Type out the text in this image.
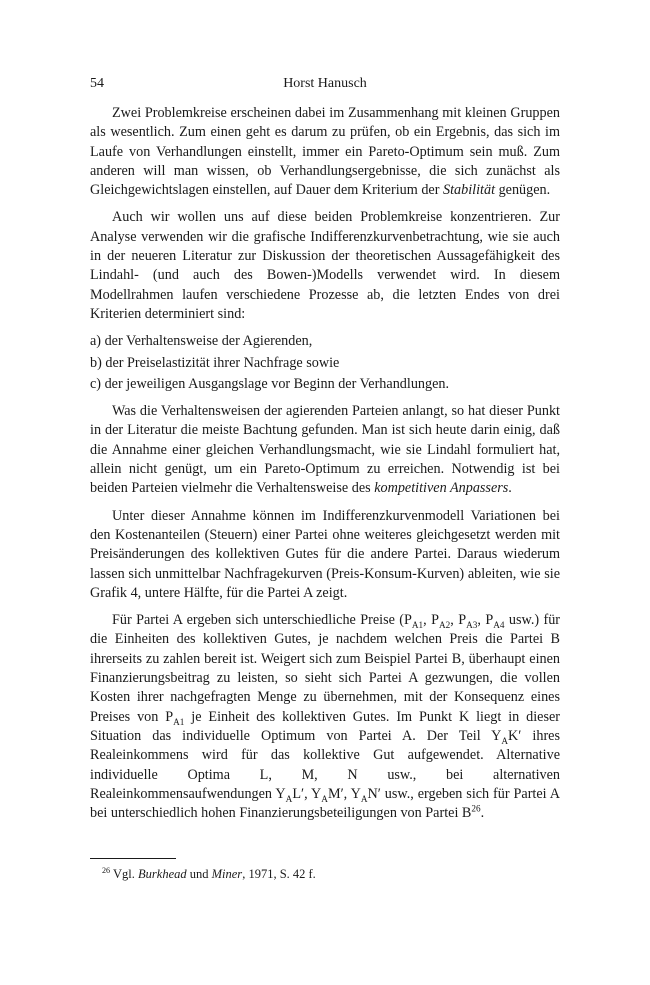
54	Horst Hanusch

Zwei Problemkreise erscheinen dabei im Zusammenhang mit kleinen Gruppen als wesentlich. Zum einen geht es darum zu prüfen, ob ein Ergebnis, das sich im Laufe von Verhandlungen einstellt, immer ein Pareto-Optimum sein muß. Zum anderen will man wissen, ob Verhandlungsergebnisse, die sich zunächst als Gleichgewichtslagen einstellen, auf Dauer dem Kriterium der Stabilität genügen.

Auch wir wollen uns auf diese beiden Problemkreise konzentrieren. Zur Analyse verwenden wir die grafische Indifferenzkurvenbetrachtung, wie sie auch in der neueren Literatur zur Diskussion der theoretischen Aussagefähigkeit des Lindahl- (und auch des Bowen-)Modells verwendet wird. In diesem Modellrahmen laufen verschiedene Prozesse ab, die letzten Endes von drei Kriterien determiniert sind:

a) der Verhaltensweise der Agierenden,
b) der Preiselastizität ihrer Nachfrage sowie
c) der jeweiligen Ausgangslage vor Beginn der Verhandlungen.

Was die Verhaltensweisen der agierenden Parteien anlangt, so hat dieser Punkt in der Literatur die meiste Bachtung gefunden. Man ist sich heute darin einig, daß die Annahme einer gleichen Verhandlungsmacht, wie sie Lindahl formuliert hat, allein nicht genügt, um ein Pareto-Optimum zu erreichen. Notwendig ist bei beiden Parteien vielmehr die Verhaltensweise des kompetitiven Anpassers.

Unter dieser Annahme können im Indifferenzkurvenmodell Variationen bei den Kostenanteilen (Steuern) einer Partei ohne weiteres gleichgesetzt werden mit Preisänderungen des kollektiven Gutes für die andere Partei. Daraus wiederum lassen sich unmittelbar Nachfragekurven (Preis-Konsum-Kurven) ableiten, wie sie Grafik 4, untere Hälfte, für die Partei A zeigt.

Für Partei A ergeben sich unterschiedliche Preise ($P_{A1}$, $P_{A2}$, $P_{A3}$, $P_{A4}$ usw.) für die Einheiten des kollektiven Gutes, je nachdem welchen Preis die Partei B ihrerseits zu zahlen bereit ist. Weigert sich zum Beispiel Partei B, überhaupt einen Finanzierungsbeitrag zu leisten, so sieht sich Partei A gezwungen, die vollen Kosten ihrer nachgefragten Menge zu übernehmen, mit der Konsequenz eines Preises von $P_{A1}$ je Einheit des kollektiven Gutes. Im Punkt K liegt in dieser Situation das individuelle Optimum von Partei A. Der Teil $Y_AK'$ ihres Realeinkommens wird für das kollektive Gut aufgewendet. Alternative individuelle Optima L, M, N usw., bei alternativen Realeinkommensaufwendungen $Y_AL'$, $Y_AM'$, $Y_AN'$ usw., ergeben sich für Partei A bei unterschiedlich hohen Finanzierungsbeteiligungen von Partei $B^{26}$.

$^{26}$ Vgl. Burkhead und Miner, 1971, S. 42 f.
